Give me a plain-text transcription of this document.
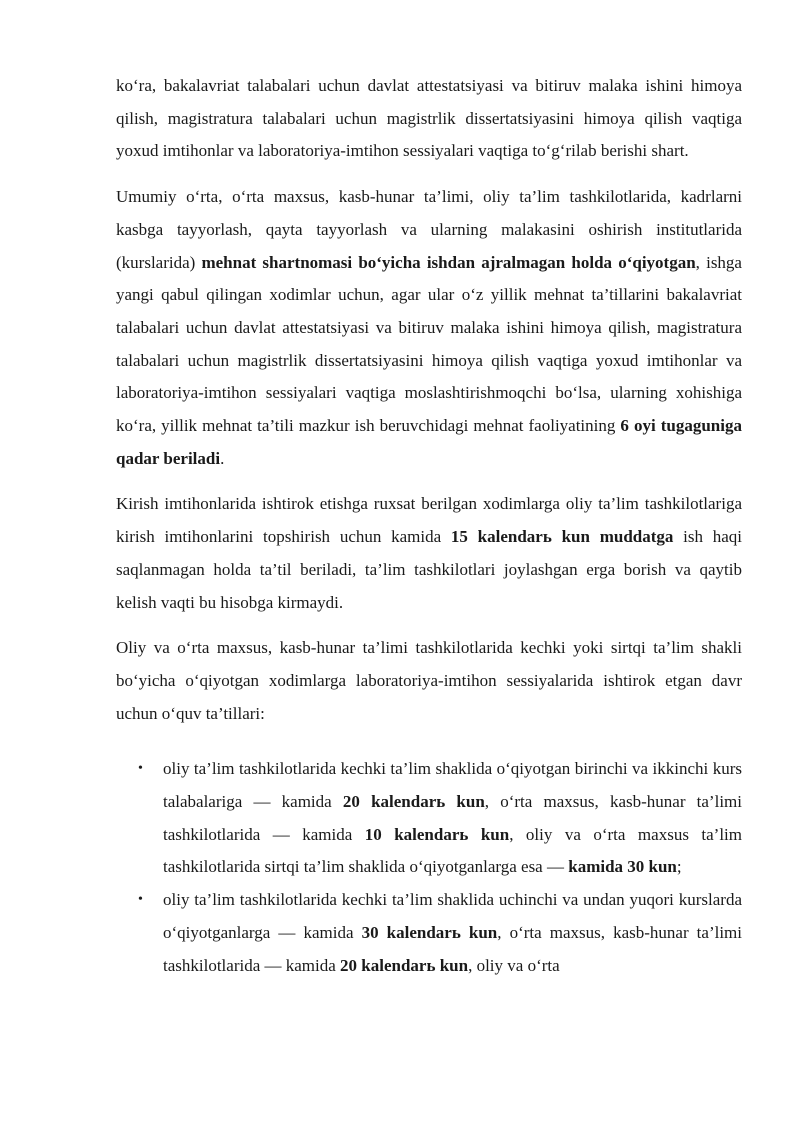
ko‘ra, bakalavriat talabalari uchun davlat attestatsiyasi va bitiruv malaka ishini himoya qilish, magistratura talabalari uchun magistrlik dissertatsiyasini himoya qilish vaqtiga yoxud imtihonlar va laboratoriya-imtihon sessiyalari vaqtiga to‘g‘rilab berishi shart.

Umumiy o‘rta, o‘rta maxsus, kasb-hunar ta’limi, oliy ta’lim tashkilotlarida, kadrlarni kasbga tayyorlash, qayta tayyorlash va ularning malakasini oshirish institutlarida (kurslarida) mehnat shartnomasi bo‘yicha ishdan ajralmagan holda o‘qiyotgan, ishga yangi qabul qilingan xodimlar uchun, agar ular o‘z yillik mehnat ta’tillarini bakalavriat talabalari uchun davlat attestatsiyasi va bitiruv malaka ishini himoya qilish, magistratura talabalari uchun magistrlik dissertatsiyasini himoya qilish vaqtiga yoxud imtihonlar va laboratoriya-imtihon sessiyalari vaqtiga moslashtirishmoqchi bo‘lsa, ularning xohishiga ko‘ra, yillik mehnat ta’tili mazkur ish beruvchidagi mehnat faoliyatining 6 oyi tugaguniga qadar beriladi.

Kirish imtihonlarida ishtirok etishga ruxsat berilgan xodimlarga oliy ta’lim tashkilotlariga kirish imtihonlarini topshirish uchun kamida 15 kalendarь kun muddatga ish haqi saqlanmagan holda ta’til beriladi, ta’lim tashkilotlari joylashgan erga borish va qaytib kelish vaqti bu hisobga kirmaydi.

Oliy va o‘rta maxsus, kasb-hunar ta’limi tashkilotlarida kechki yoki sirtqi ta’lim shakli bo‘yicha o‘qiyotgan xodimlarga laboratoriya-imtihon sessiyalarida ishtirok etgan davr uchun o‘quv ta’tillari:

• oliy ta’lim tashkilotlarida kechki ta’lim shaklida o‘qiyotgan birinchi va ikkinchi kurs talabalariga — kamida 20 kalendarь kun, o‘rta maxsus, kasb-hunar ta’limi tashkilotlarida — kamida 10 kalendarь kun, oliy va o‘rta maxsus ta’lim tashkilotlarida sirtqi ta’lim shaklida o‘qiyotganlarga esa — kamida 30 kun;
• oliy ta’lim tashkilotlarida kechki ta’lim shaklida uchinchi va undan yuqori kurslarda o‘qiyotganlarga — kamida 30 kalendarь kun, o‘rta maxsus, kasb-hunar ta’limi tashkilotlarida — kamida 20 kalendarь kun, oliy va o‘rta
